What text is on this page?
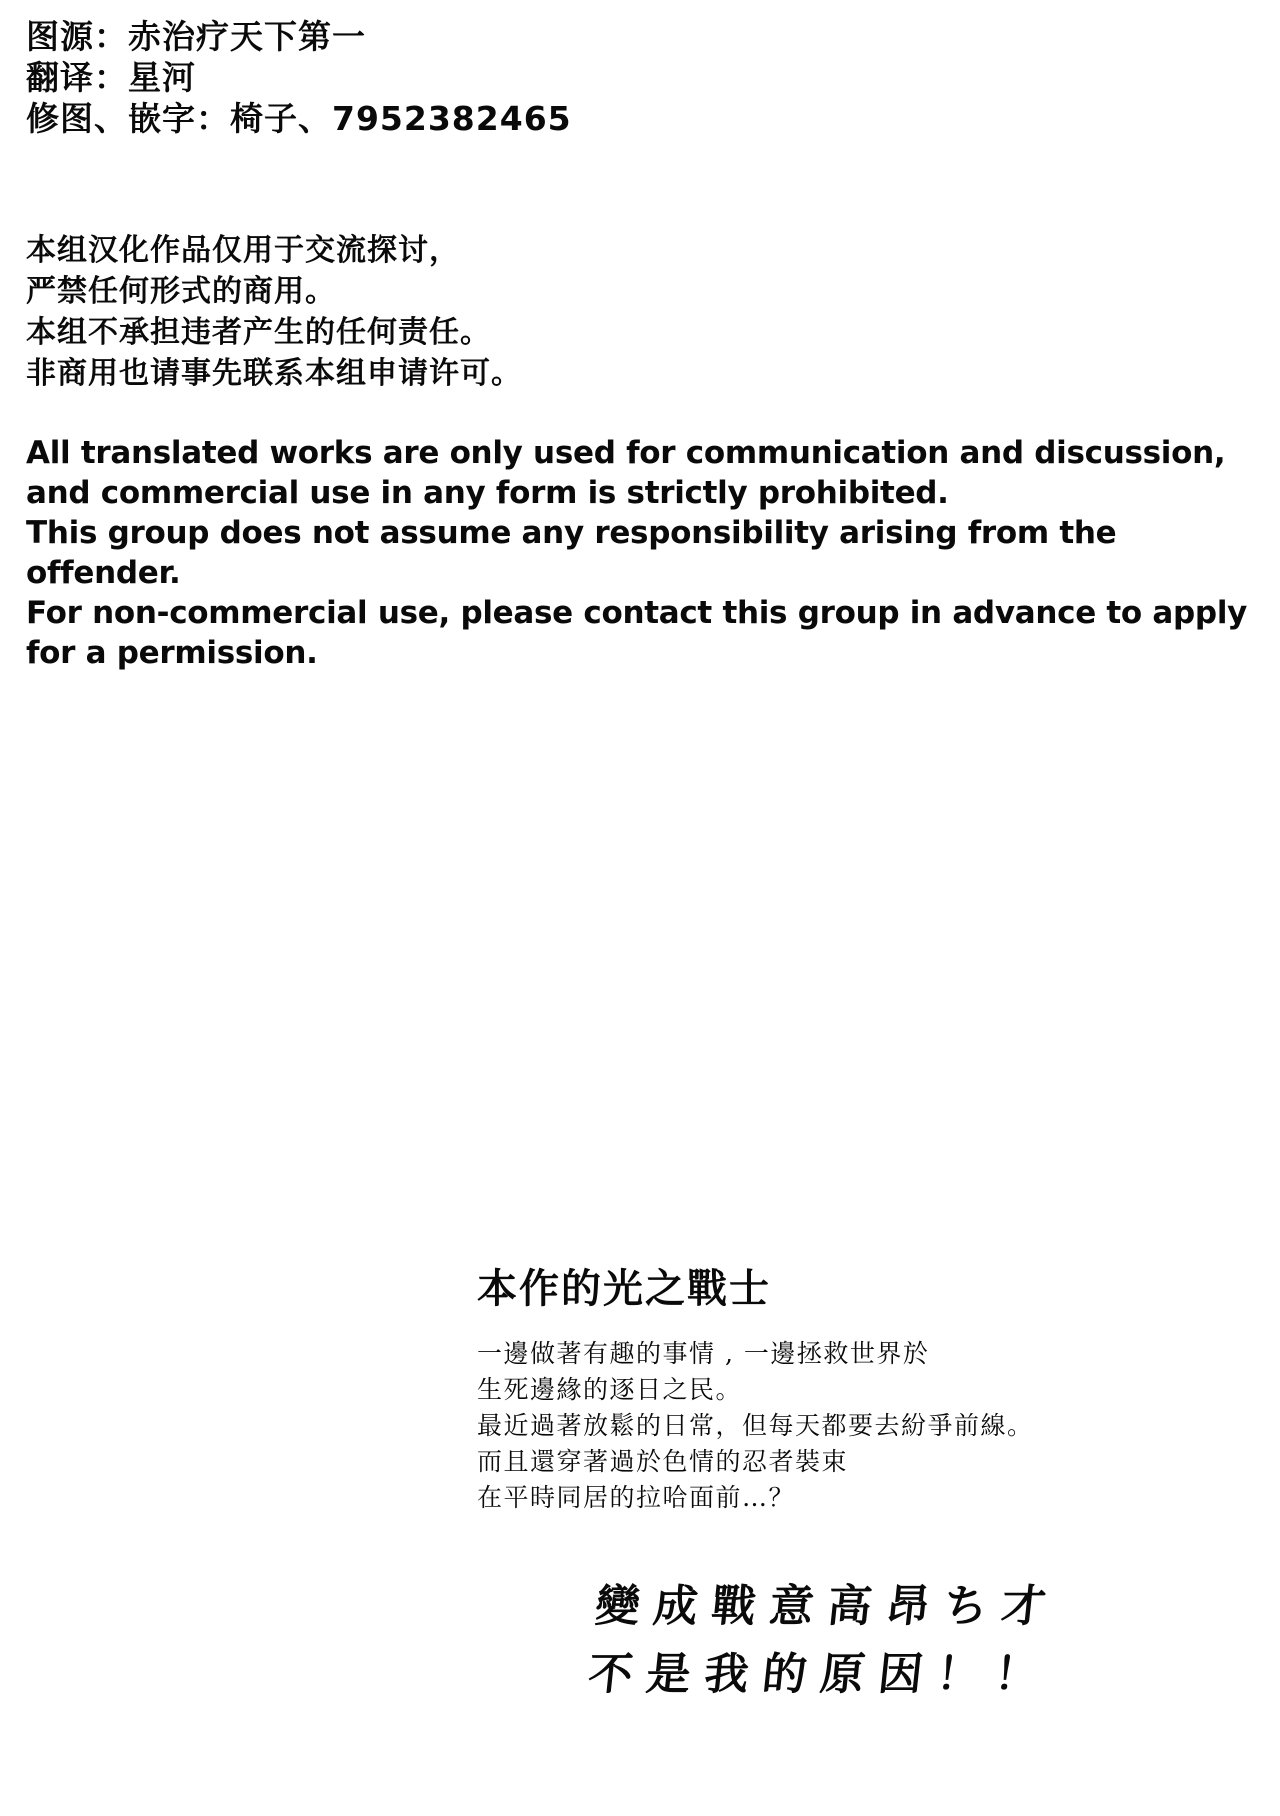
图源：赤治疗天下第一
翻译：星河
修图、嵌字：椅子、7952382465
本组汉化作品仅用于交流探讨，
严禁任何形式的商用。
本组不承担违者产生的任何责任。
非商用也请事先联系本组申请许可。
All translated works are only used for communication and discussion, and commercial use in any form is strictly prohibited.
This group does not assume any responsibility arising from the offender.
For non-commercial use, please contact this group in advance to apply for a permission.
本作的光之戰士
一邊做著有趣的事情 , 一邊拯救世界於
生死邊緣的逐日之民。
最近過著放鬆的日常，但每天都要去紛爭前線。
而且還穿著過於色情的忍者裝束
在平時同居的拉哈面前…？
變成戰意高昂ち才
不是我的原因！！
